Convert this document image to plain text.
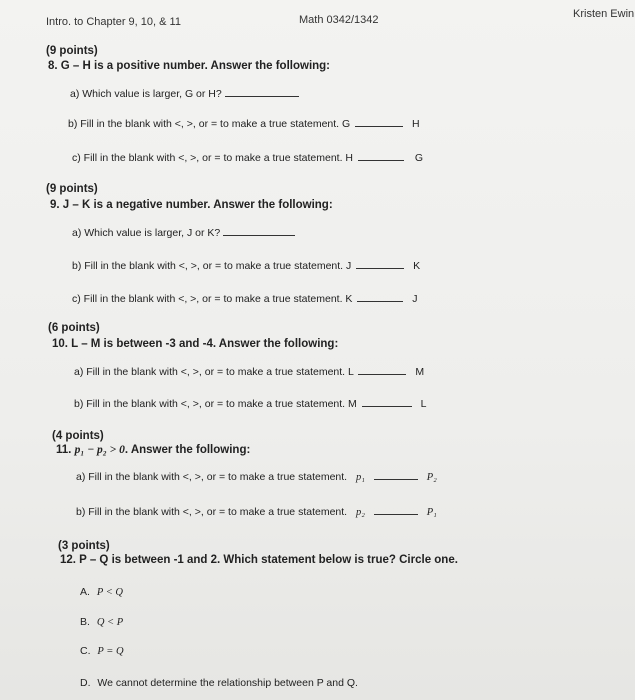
Intro. to Chapter 9, 10, & 11	Math 0342/1342	Kristen Ewin
(9 points)
8. G – H is a positive number. Answer the following:
a) Which value is larger, G or H?
b) Fill in the blank with <, >, or = to make a true statement. G	H
c) Fill in the blank with <, >, or = to make a true statement. H	G
(9 points)
9. J – K is a negative number. Answer the following:
a) Which value is larger, J or K?
b) Fill in the blank with <, >, or = to make a true statement. J	K
c) Fill in the blank with <, >, or = to make a true statement. K	J
(6 points)
10. L – M is between -3 and -4. Answer the following:
a) Fill in the blank with <, >, or = to make a true statement. L	M
b) Fill in the blank with <, >, or = to make a true statement. M	L
(4 points)
11. p₁ − p₂ > 0. Answer the following:
a) Fill in the blank with <, >, or = to make a true statement. p₁	P₂
b) Fill in the blank with <, >, or = to make a true statement. p₂	P₁
(3 points)
12. P – Q is between -1 and 2. Which statement below is true? Circle one.
A. P < Q
B. Q < P
C. P = Q
D. We cannot determine the relationship between P and Q.
